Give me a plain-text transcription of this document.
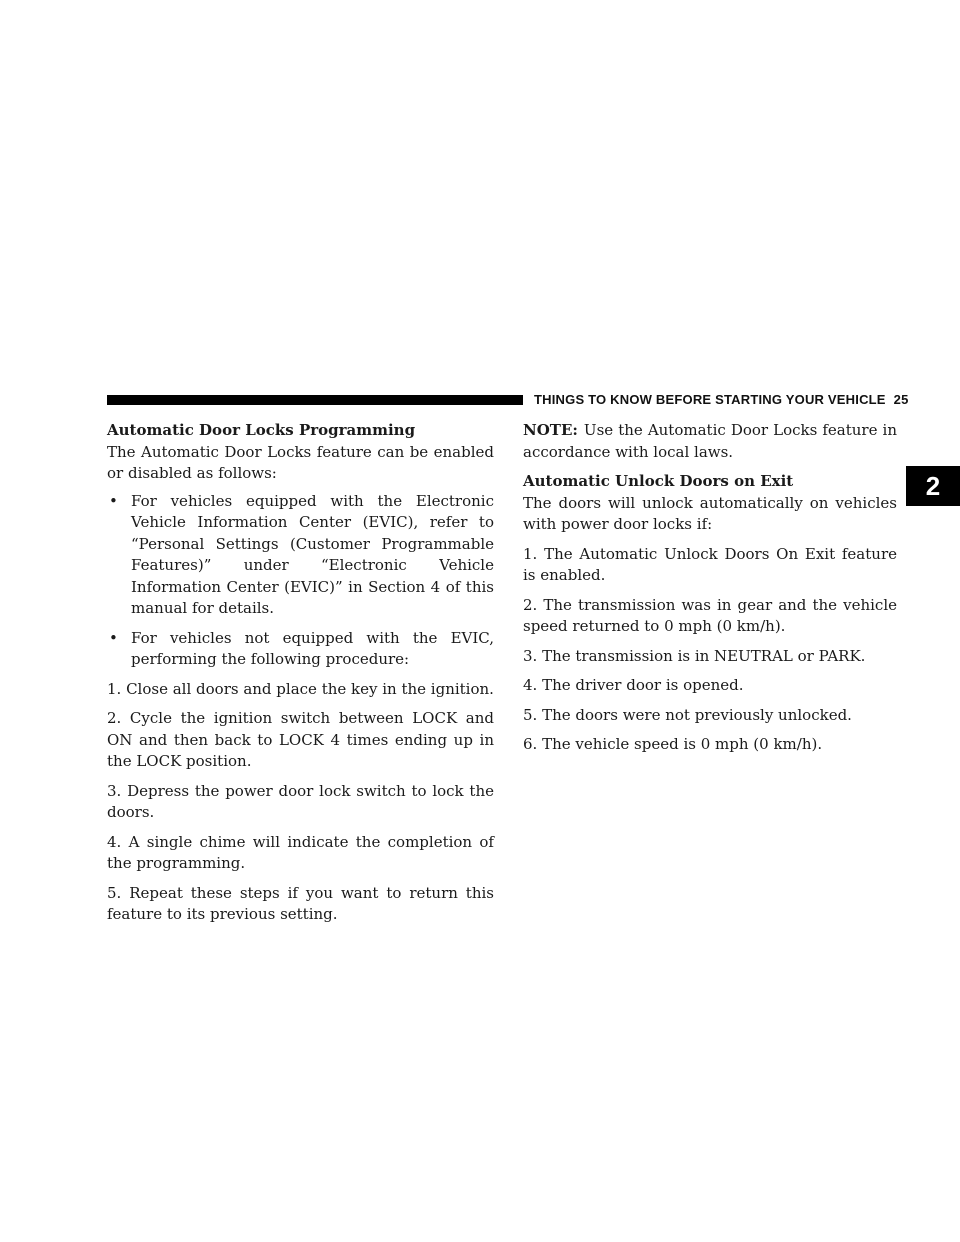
THINGS TO KNOW BEFORE STARTING YOUR VEHICLE 25
2
Automatic Door Locks Programming

The Automatic Door Locks feature can be enabled or disabled as follows:

• For vehicles equipped with the Electronic Vehicle Information Center (EVIC), refer to “Personal Settings (Customer Programmable Features)” under “Electronic Vehicle Information Center (EVIC)” in Section 4 of this manual for details.
• For vehicles not equipped with the EVIC, performing the following procedure:

1. Close all doors and place the key in the ignition.

2. Cycle the ignition switch between LOCK and ON and then back to LOCK 4 times ending up in the LOCK position.

3. Depress the power door lock switch to lock the doors.

4. A single chime will indicate the completion of the programming.

5. Repeat these steps if you want to return this feature to its previous setting.

NOTE: Use the Automatic Door Locks feature in accordance with local laws.

Automatic Unlock Doors on Exit

The doors will unlock automatically on vehicles with power door locks if:

1. The Automatic Unlock Doors On Exit feature is enabled.

2. The transmission was in gear and the vehicle speed returned to 0 mph (0 km/h).

3. The transmission is in NEUTRAL or PARK.

4. The driver door is opened.

5. The doors were not previously unlocked.

6. The vehicle speed is 0 mph (0 km/h).
